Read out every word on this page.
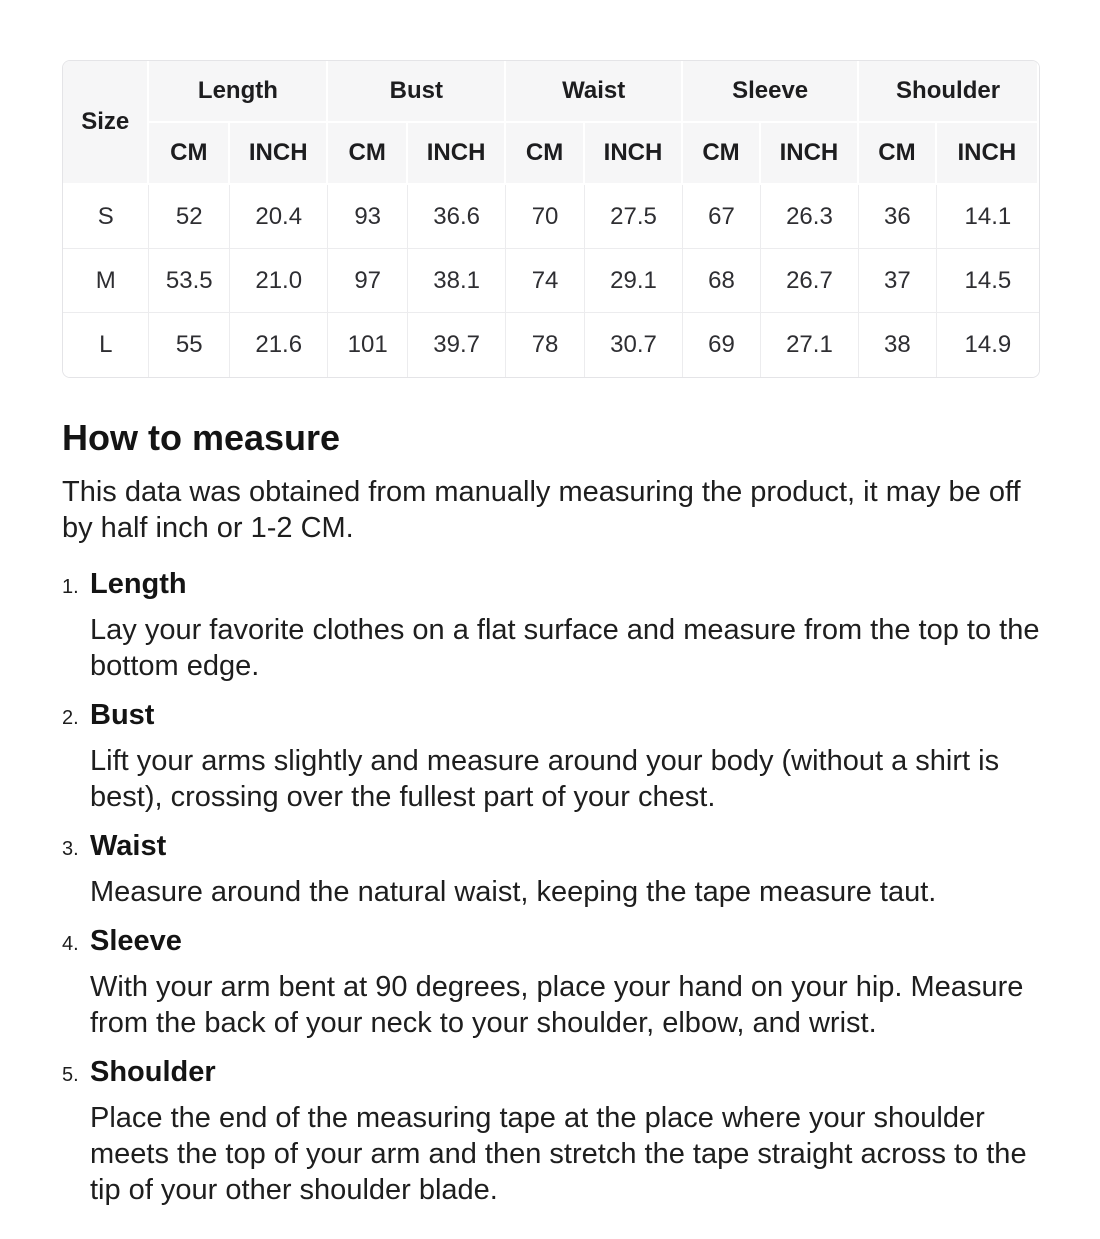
Size	Length		Bust		Waist		Sleeve		Shoulder	
	CM	INCH	CM	INCH	CM	INCH	CM	INCH	CM	INCH
S	52	20.4	93	36.6	70	27.5	67	26.3	36	14.1
M	53.5	21.0	97	38.1	74	29.1	68	26.7	37	14.5
L	55	21.6	101	39.7	78	30.7	69	27.1	38	14.9
How to measure

This data was obtained from manually measuring the product, it may be off by half inch or 1-2 CM.

1. Length

Lay your favorite clothes on a flat surface and measure from the top to the bottom edge.

2. Bust

Lift your arms slightly and measure around your body (without a shirt is best), crossing over the fullest part of your chest.

3. Waist

Measure around the natural waist, keeping the tape measure taut.

4. Sleeve

With your arm bent at 90 degrees, place your hand on your hip. Measure from the back of your neck to your shoulder, elbow, and wrist.

5. Shoulder

Place the end of the measuring tape at the place where your shoulder meets the top of your arm and then stretch the tape straight across to the tip of your other shoulder blade.
